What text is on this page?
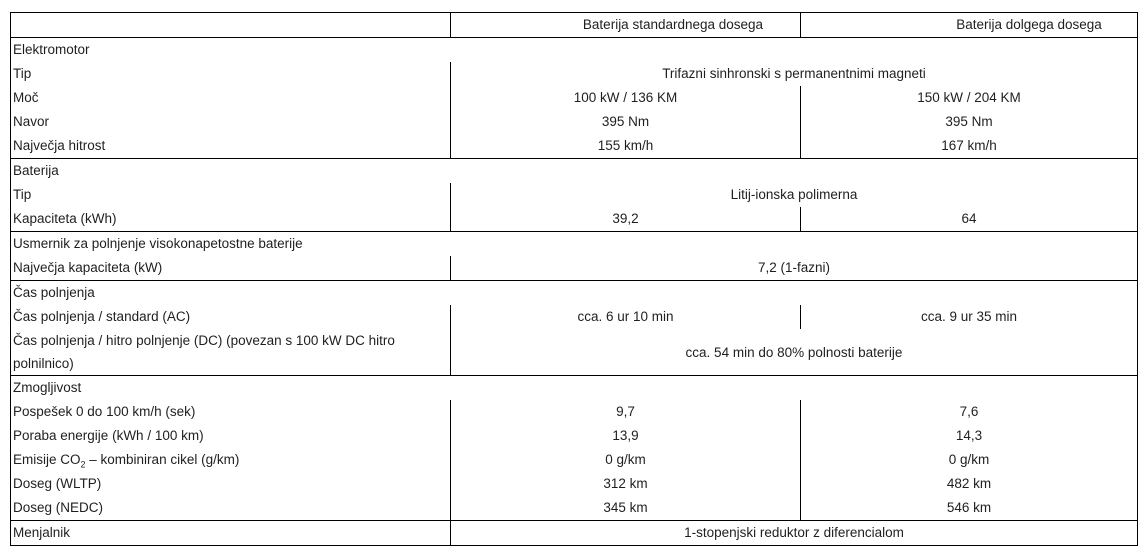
	Baterija standardnega dosega	Baterija dolgega dosega
Elektromotor		
Tip	Trifazni sinhronski s permanentnimi magneti	
Moč	100 kW / 136 KM	150 kW / 204 KM
Navor	395 Nm	395 Nm
Največja hitrost	155 km/h	167 km/h
Baterija		
Tip	Litij-ionska polimerna	
Kapaciteta (kWh)	39,2	64
Usmernik za polnjenje visokonapetostne baterije		
Največja kapaciteta (kW)	7,2 (1-fazni)	
Čas polnjenja		
Čas polnjenja / standard (AC)	cca. 6 ur 10 min	cca. 9 ur 35 min
Čas polnjenja / hitro polnjenje (DC) (povezan s 100 kW DC hitro polnilnico)	cca. 54 min do 80% polnosti baterije	
Zmogljivost		
Pospešek 0 do 100 km/h (sek)	9,7	7,6
Poraba energije (kWh / 100 km)	13,9	14,3
Emisije $CO_2$ – kombiniran cikel (g/km)	0 g/km	0 g/km
Doseg (WLTP)	312 km	482 km
Doseg (NEDC)	345 km	546 km
Menjalnik	1-stopenjski reduktor z diferencialom	
